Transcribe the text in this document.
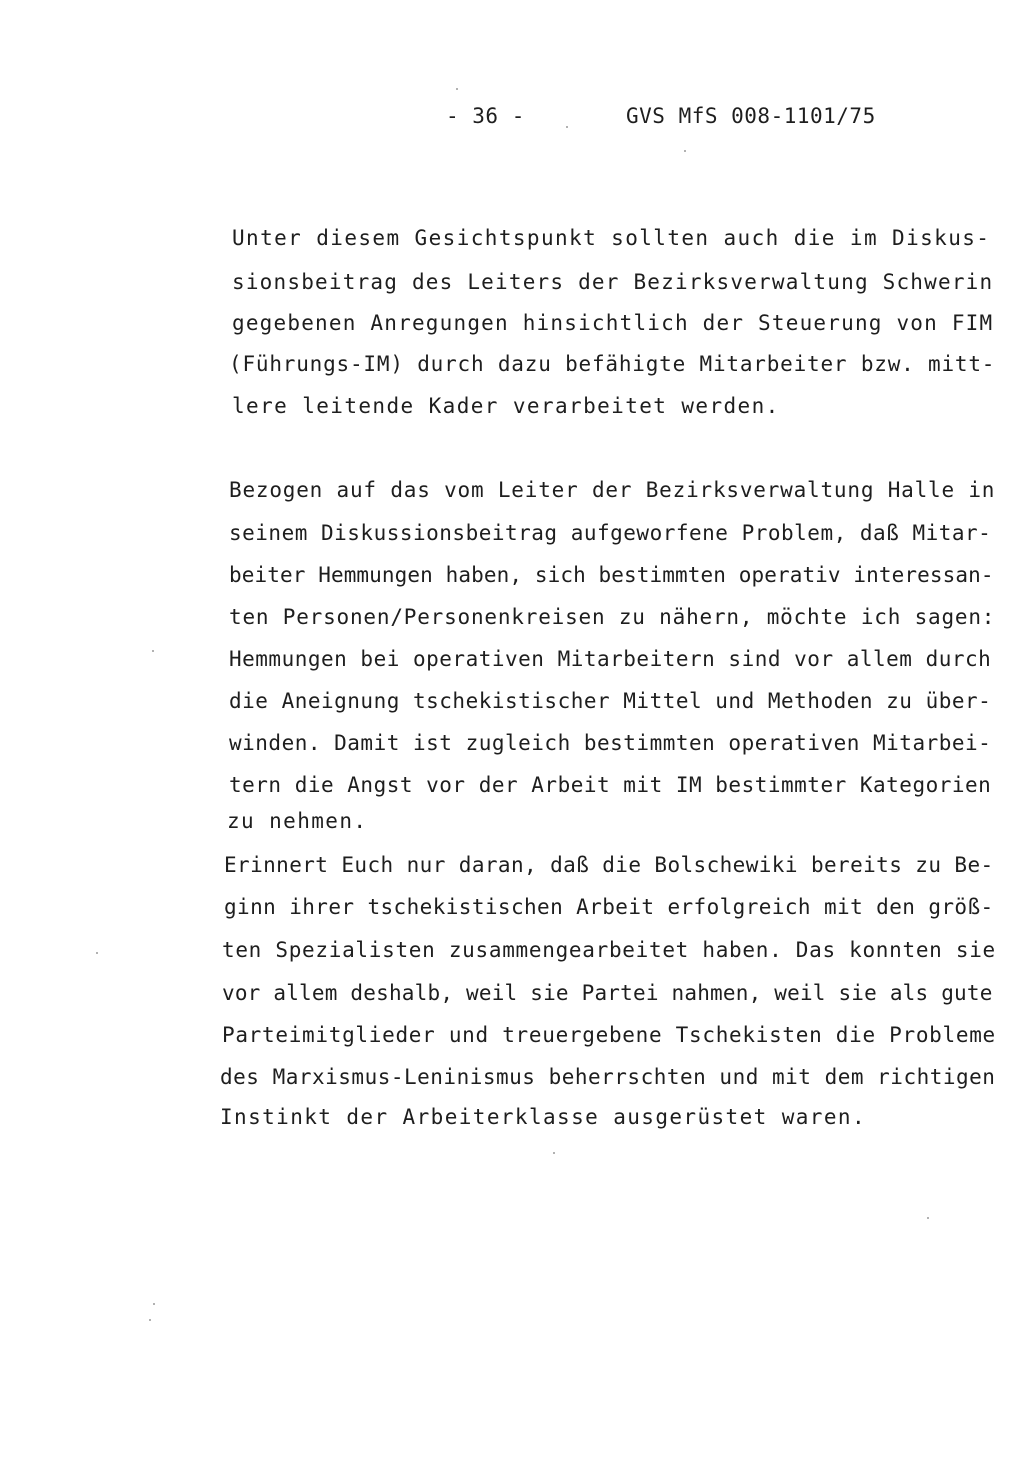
- 36 -	GVS MfS 008-1101/75
Unter diesem Gesichtspunkt sollten auch die im Diskus-
sionsbeitrag des Leiters der Bezirksverwaltung Schwerin
gegebenen Anregungen hinsichtlich der Steuerung von FIM
(Führungs-IM) durch dazu befähigte Mitarbeiter bzw. mitt-
lere leitende Kader verarbeitet werden.
Bezogen auf das vom Leiter der Bezirksverwaltung Halle in
seinem Diskussionsbeitrag aufgeworfene Problem, daß Mitar-
beiter Hemmungen haben, sich bestimmten operativ interessan-
ten Personen/Personenkreisen zu nähern, möchte ich sagen:
Hemmungen bei operativen Mitarbeitern sind vor allem durch
die Aneignung tschekistischer Mittel und Methoden zu über-
winden. Damit ist zugleich bestimmten operativen Mitarbei-
tern die Angst vor der Arbeit mit IM bestimmter Kategorien
zu nehmen.
Erinnert Euch nur daran, daß die Bolschewiki bereits zu Be-
ginn ihrer tschekistischen Arbeit erfolgreich mit den größ-
ten Spezialisten zusammengearbeitet haben. Das konnten sie
vor allem deshalb, weil sie Partei nahmen, weil sie als gute
Parteimitglieder und treuergebene Tschekisten die Probleme
des Marxismus-Leninismus beherrschten und mit dem richtigen
Instinkt der Arbeiterklasse ausgerüstet waren.
